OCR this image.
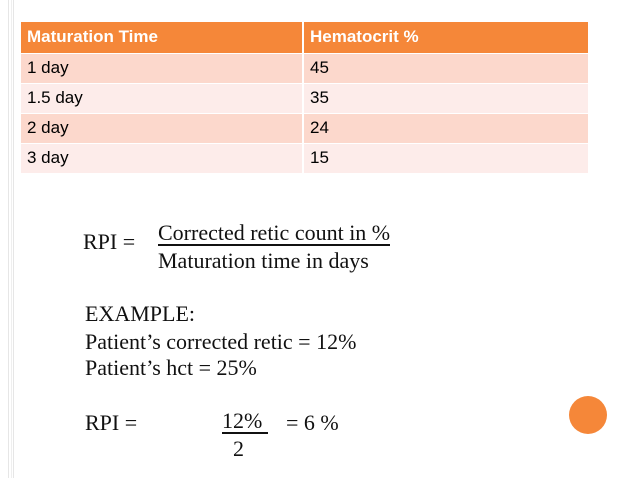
Maturation Time	Hematocrit %
1 day	45
1.5 day	35
2 day	24
3 day	15
RPI = Corrected retic count in %
Maturation time in days
EXAMPLE:
Patient’s corrected retic = 12%
Patient’s hct = 25%
RPI =	12% = 6 %
2
